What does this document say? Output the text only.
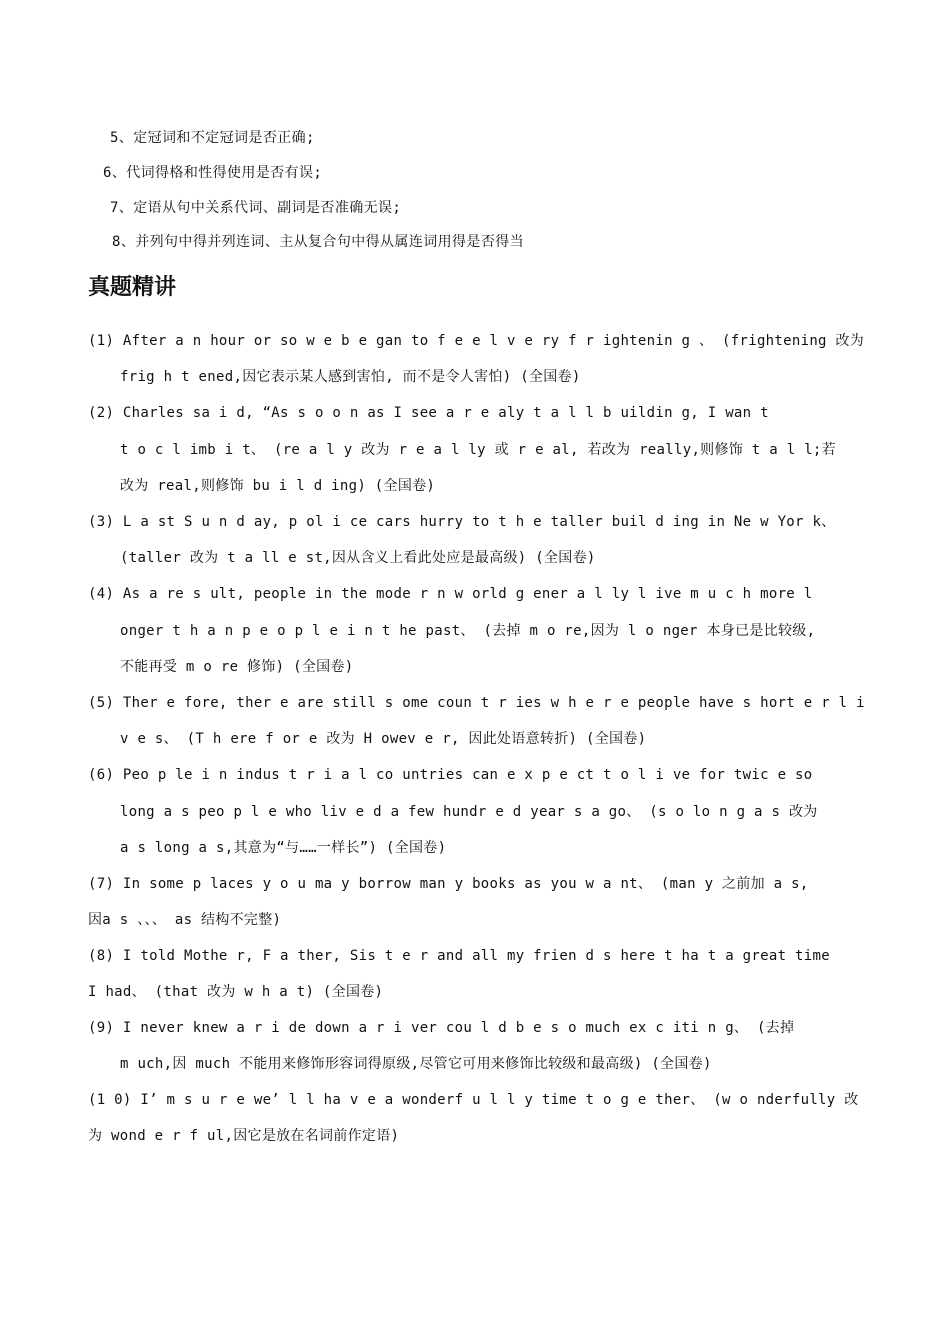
5、定冠词和不定冠词是否正确;
6、代词得格和性得使用是否有误;
7、定语从句中关系代词、副词是否准确无误;
8、并列句中得并列连词、主从复合句中得从属连词用得是否得当
真题精讲
(1) After a n hour or so w e b e gan to f e e l v e ry f r ightenin g 、 (frightening 改为
frig h t ened,因它表示某人感到害怕, 而不是令人害怕) (全国卷)
(2) Charles sa i d, “As s o o n as I see a r e aly t a l l b uildin g, I wan t
t o c l imb i t、 (re a l y 改为 r e a l ly 或 r e al, 若改为 really,则修饰 t a l l;若
改为 real,则修饰 bu i l d ing) (全国卷)
(3) L a st S u n d ay, p ol i ce cars hurry to t h e taller buil d ing in Ne w Yor k、
(taller 改为 t a ll e st,因从含义上看此处应是最高级) (全国卷)
(4) As a re s ult, people in the mode r n w orld g ener a l ly l ive m u c h more l
onger t h a n p e o p l e i n t he past、 (去掉 m o re,因为 l o nger 本身已是比较级,
不能再受 m o re 修饰) (全国卷)
(5) Ther e fore, ther e are still s ome coun t r ies w h e r e people have s hort e r l i
v e s、 (T h ere f or e 改为 H owev e r, 因此处语意转折) (全国卷)
(6) Peo p le i n indus t r i a l co untries can e x p e ct t o l i ve for twic e so
long a s peo p l e who liv e d a few hundr e d year s a go、 (s o lo n g a s 改为
a s long a s,其意为“与……一样长”) (全国卷)
(7) In some p laces y o u ma y borrow man y books as you w a nt、 (man y 之前加 a s,
因a s 、、、 as 结构不完整)
(8) I told Mothe r, F a ther, Sis t e r and all my frien d s here t ha t a great time
I had、 (that 改为 w h a t) (全国卷)
(9) I never knew a r i de down a r i ver cou l d b e s o much ex c iti n g、 (去掉
m uch,因 much 不能用来修饰形容词得原级,尽管它可用来修饰比较级和最高级) (全国卷)
(1 0) I’ m s u r e we’ l l ha v e a wonderf u l l y time t o g e ther、 (w o nderfully 改
为 wond e r f ul,因它是放在名词前作定语)
